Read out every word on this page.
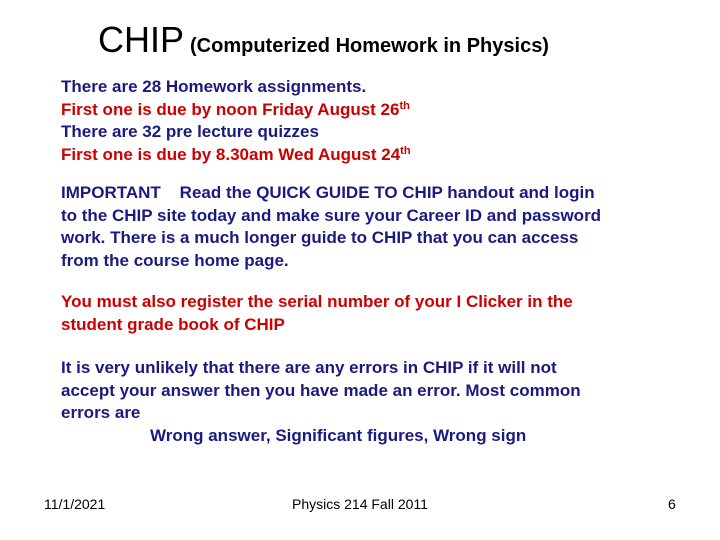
CHIP (Computerized Homework in Physics)
There are 28 Homework assignments.
First one is due by noon Friday August 26th
There are 32 pre lecture quizzes
First one is due by 8.30am Wed August 24th
IMPORTANT    Read the QUICK GUIDE TO CHIP handout and login
to the CHIP site today and make sure your Career ID and password
work. There is a much longer guide to CHIP that you can access
from the course home page.
You must also register the serial number of your I Clicker in the
student grade book of CHIP
It is very unlikely that there are any errors in CHIP if it will not
accept your answer then you have made an error. Most common
errors are
Wrong answer, Significant figures, Wrong sign
11/1/2021	Physics 214 Fall 2011	6
